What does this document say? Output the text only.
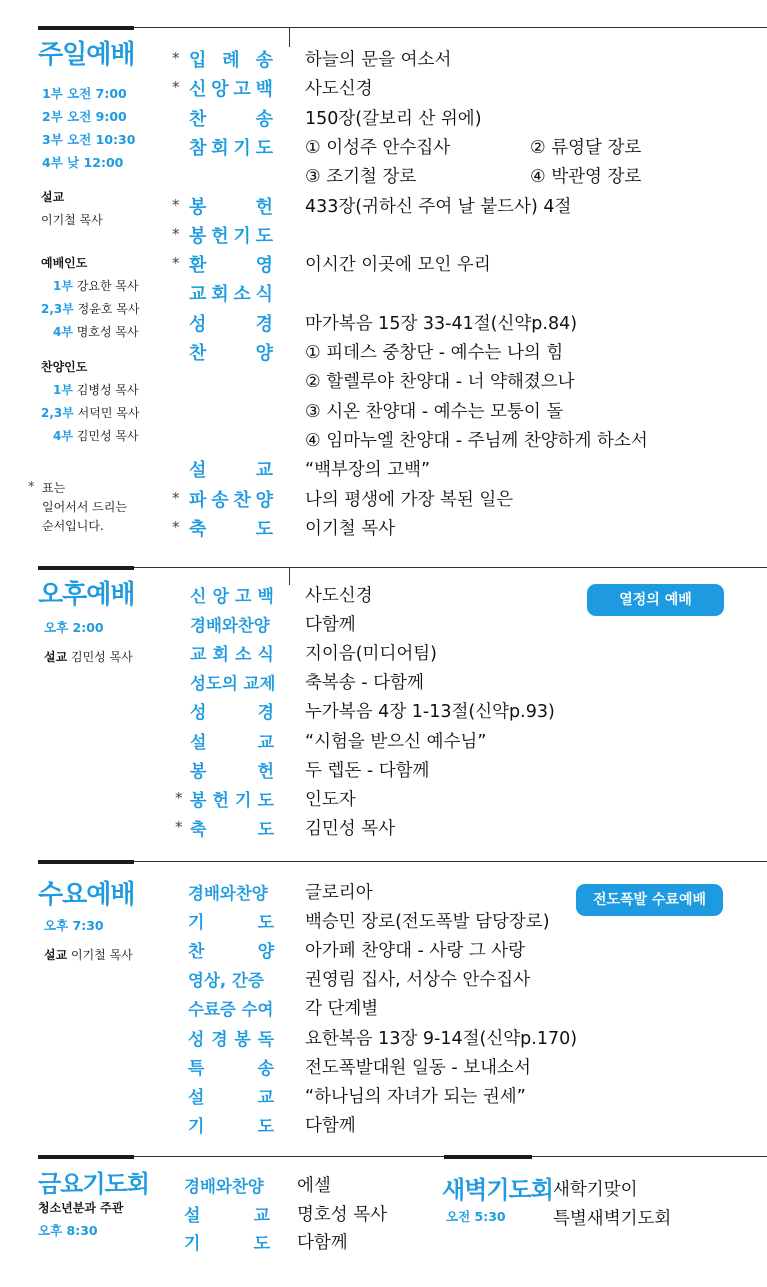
주일예배
1부 오전 7:00
2부 오전 9:00
3부 오전 10:30
4부 낮 12:00
설교
이기철 목사
예배인도
1부 강요한 목사
2,3부 정윤호 목사
4부 명호성 목사
찬양인도
1부 김병성 목사
2,3부 서덕민 목사
4부 김민성 목사
* 표는
일어서서 드리는
순서입니다.
* 입 례 송 하늘의 문을 여소서
* 신 앙 고 백 사도신경
찬	송 150장(갈보리 산 위에)
참 회 기 도 ① 이성주 안수집사	② 류영달 장로
③ 조기철 장로	④ 박관영 장로
* 봉	헌 433장(귀하신 주여 날 붙드사) 4절
* 봉 헌 기 도
* 환	영 이시간 이곳에 모인 우리
교 회 소 식
성	경 마가복음 15장 33-41절(신약p.84)
찬	양 ① 피데스 중창단 - 예수는 나의 힘
② 할렐루야 찬양대 - 너 약해졌으나
③ 시온 찬양대 - 예수는 모퉁이 돌
④ 임마누엘 찬양대 - 주님께 찬양하게 하소서
설	교 “백부장의 고백”
* 파 송 찬 양 나의 평생에 가장 복된 일은
* 축	도 이기철 목사
오후예배
오후 2:00
설교 김민성 목사
열정의 예배
신 앙 고 백 사도신경
경배와찬양 다함께
교 회 소 식 지이음(미디어팀)
성도의 교제 축복송 - 다함께
성	경 누가복음 4장 1-13절(신약p.93)
설	교 “시험을 받으신 예수님”
봉	헌 두 렙돈 - 다함께
* 봉 헌 기 도 인도자
* 축	도 김민성 목사
수요예배
오후 7:30
설교 이기철 목사
전도폭발 수료예배
경배와찬양 글로리아
기	도 백승민 장로(전도폭발 담당장로)
찬	양 아가페 찬양대 - 사랑 그 사랑
영상, 간증 권영림 집사, 서상수 안수집사
수료증 수여 각 단계별
성 경 봉 독 요한복음 13장 9-14절(신약p.170)
특	송 전도폭발대원 일동 - 보내소서
설	교 “하나님의 자녀가 되는 권세”
기	도 다함께
금요기도회
청소년분과 주관
오후 8:30
경배와찬양 에셀
설	교 명호성 목사
기	도 다함께
새벽기도회
오전 5:30
새학기맞이
특별새벽기도회
